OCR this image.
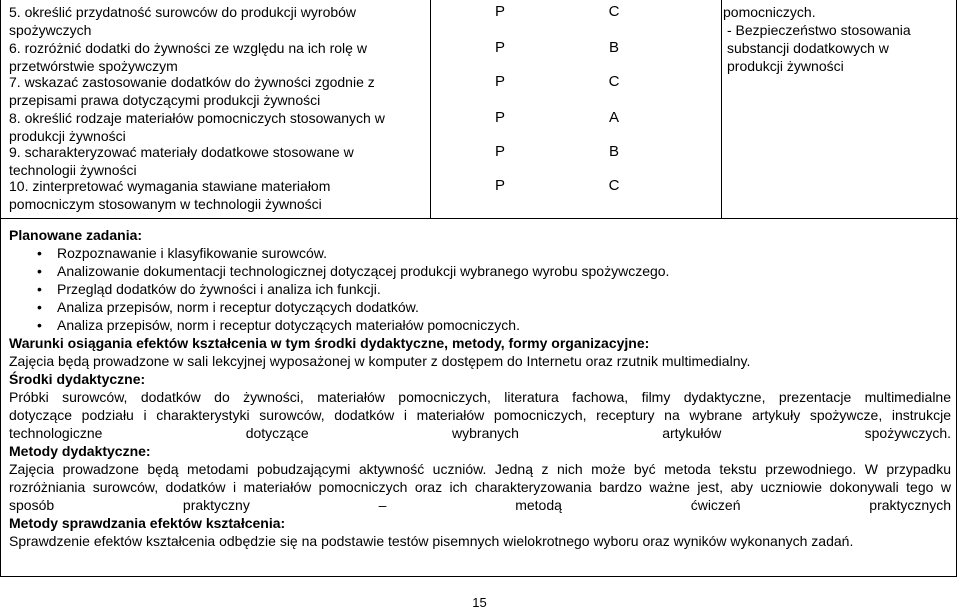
5. określić przydatność surowców do produkcji wyrobów
spożywczych
P	C
6. rozróżnić dodatki do żywności ze względu na ich rolę w
przetwórstwie spożywczym
P	B
7. wskazać zastosowanie dodatków do żywności zgodnie z
przepisami prawa dotyczącymi produkcji żywności
P	C
8. określić rodzaje materiałów pomocniczych stosowanych w
produkcji żywności
P	A
9. scharakteryzować materiały dodatkowe stosowane w
technologii żywności
P	B
10. zinterpretować wymagania stawiane materiałom
pomocniczym stosowanym w technologii żywności
P	C
pomocniczych.
- Bezpieczeństwo stosowania
substancji dodatkowych w
produkcji żywności
Planowane zadania:
• Rozpoznawanie i klasyfikowanie surowców.
• Analizowanie dokumentacji technologicznej dotyczącej produkcji wybranego wyrobu spożywczego.
• Przegląd dodatków do żywności i analiza ich funkcji.
• Analiza przepisów, norm i receptur dotyczących dodatków.
• Analiza przepisów, norm i receptur dotyczących materiałów pomocniczych.
Warunki osiągania efektów kształcenia w tym środki dydaktyczne, metody, formy organizacyjne:
Zajęcia będą prowadzone w sali lekcyjnej wyposażonej w komputer z dostępem do Internetu oraz rzutnik multimedialny.
Środki dydaktyczne:
Próbki surowców, dodatków do żywności, materiałów pomocniczych, literatura fachowa, filmy dydaktyczne, prezentacje multimedialne
dotyczące podziału i charakterystyki surowców, dodatków i materiałów pomocniczych, receptury na wybrane artykuły spożywcze, instrukcje
technologiczne dotyczące wybranych artykułów spożywczych.
Metody dydaktyczne:
Zajęcia prowadzone będą metodami pobudzającymi aktywność uczniów. Jedną z nich może być metoda tekstu przewodniego. W przypadku
rozróżniania surowców, dodatków i materiałów pomocniczych oraz ich charakteryzowania bardzo ważne jest, aby uczniowie dokonywali tego w
sposób praktyczny – metodą ćwiczeń praktycznych
Metody sprawdzania efektów kształcenia:
Sprawdzenie efektów kształcenia odbędzie się na podstawie testów pisemnych wielokrotnego wyboru oraz wyników wykonanych zadań.
15
